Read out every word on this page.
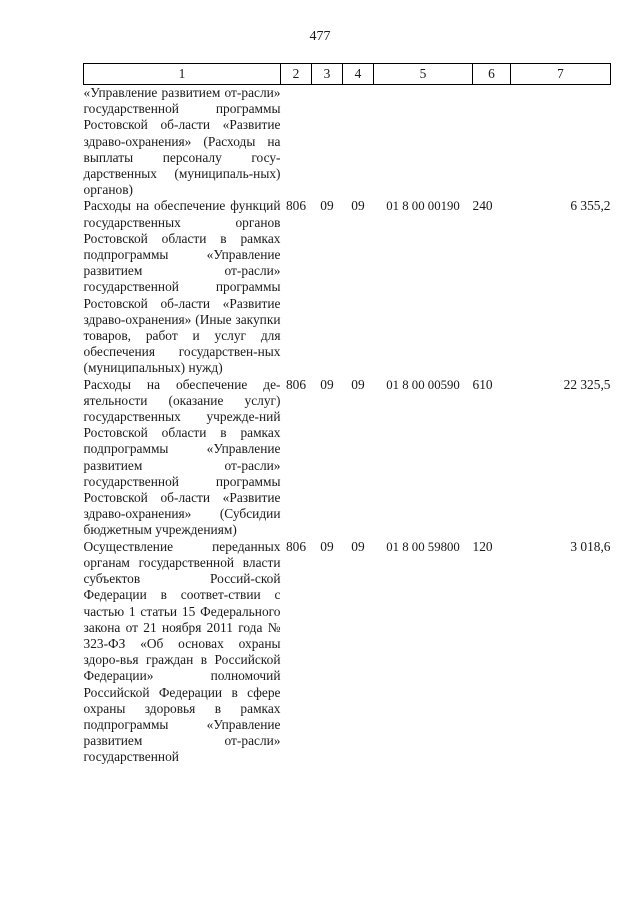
477
1	2	3	4	5	6	7
«Управление развитием от-расли» государственной программы Ростовской об-ласти «Развитие здраво-охранения» (Расходы на выплаты персоналу госу-дарственных (муниципаль-ных) органов)						
Расходы на обеспечение функций государственных органов Ростовской области в рамках подпрограммы «Управление развитием от-расли» государственной программы Ростовской об-ласти «Развитие здраво-охранения» (Иные закупки товаров, работ и услуг для обеспечения государствен-ных (муниципальных) нужд)	806	09	09	01 8 00 00190	240	6 355,2
Расходы на обеспечение де-ятельности (оказание услуг) государственных учрежде-ний Ростовской области в рамках подпрограммы «Управление развитием от-расли» государственной программы Ростовской об-ласти «Развитие здраво-охранения» (Субсидии бюджетным учреждениям)	806	09	09	01 8 00 00590	610	22 325,5
Осуществление переданных органам государственной власти субъектов Россий-ской Федерации в соответ-ствии с частью 1 статьи 15 Федерального закона от 21 ноября 2011 года № 323-ФЗ «Об основах охраны здоро-вья граждан в Российской Федерации» полномочий Российской Федерации в сфере охраны здоровья в рамках подпрограммы «Управление развитием от-расли» государственной	806	09	09	01 8 00 59800	120	3 018,6
